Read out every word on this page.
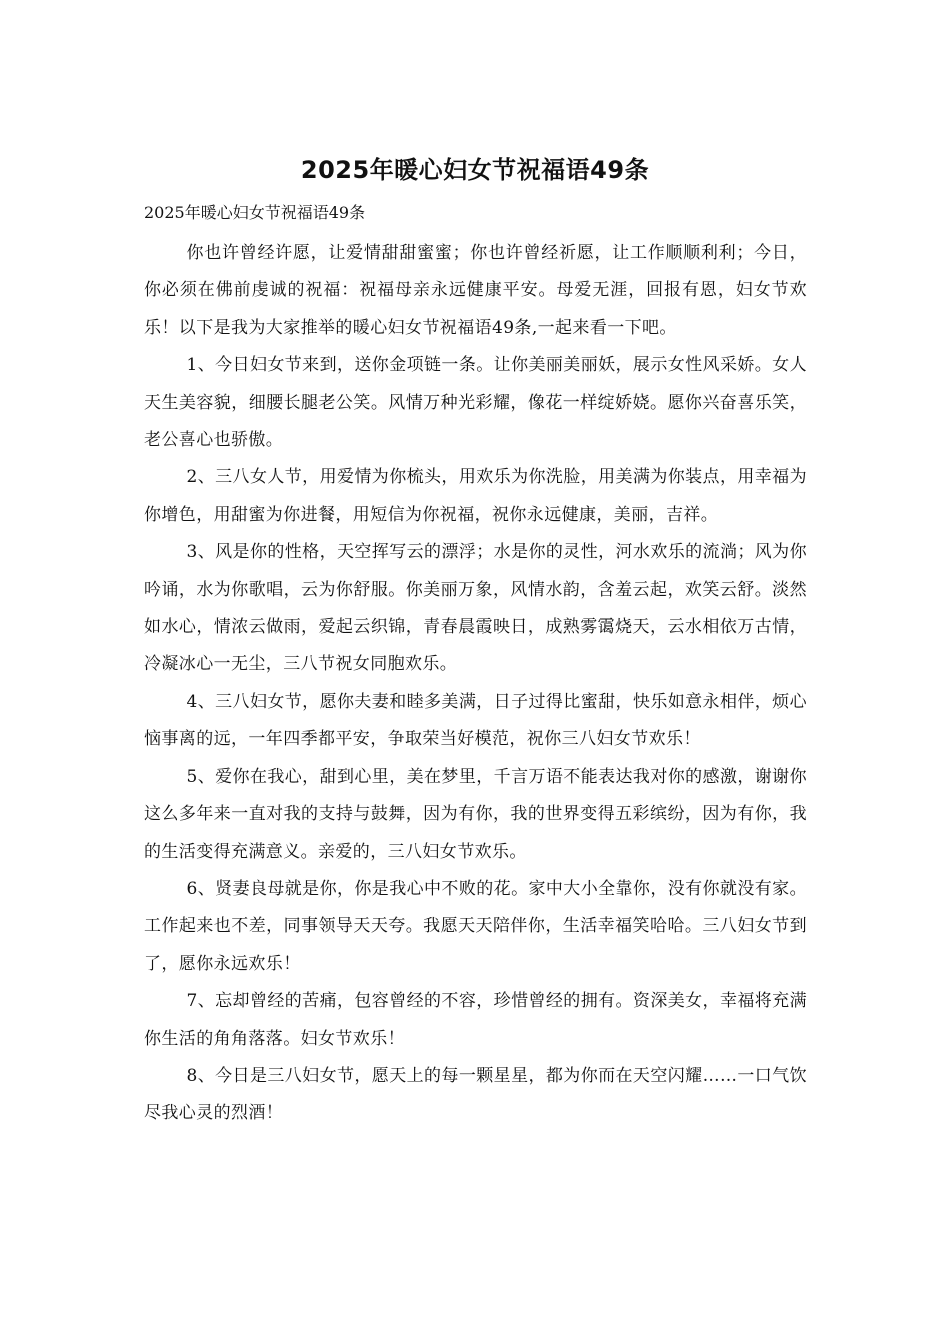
2025年暖心妇女节祝福语49条

2025年暖心妇女节祝福语49条

你也许曾经许愿，让爱情甜甜蜜蜜；你也许曾经祈愿，让工作顺顺利利；今日，你必须在佛前虔诚的祝福：祝福母亲永远健康平安。母爱无涯，回报有恩，妇女节欢乐！以下是我为大家推举的暖心妇女节祝福语49条,一起来看一下吧。

1、今日妇女节来到，送你金项链一条。让你美丽美丽妖，展示女性风采娇。女人天生美容貌，细腰长腿老公笑。风情万种光彩耀，像花一样绽娇娆。愿你兴奋喜乐笑，老公喜心也骄傲。

2、三八女人节，用爱情为你梳头，用欢乐为你洗脸，用美满为你装点，用幸福为你增色，用甜蜜为你进餐，用短信为你祝福，祝你永远健康，美丽，吉祥。

3、风是你的性格，天空挥写云的漂浮；水是你的灵性，河水欢乐的流淌；风为你吟诵，水为你歌唱，云为你舒服。你美丽万象，风情水韵，含羞云起，欢笑云舒。淡然如水心，情浓云做雨，爱起云织锦，青春晨霞映日，成熟雾霭烧天，云水相依万古情，冷凝冰心一无尘，三八节祝女同胞欢乐。

4、三八妇女节，愿你夫妻和睦多美满，日子过得比蜜甜，快乐如意永相伴，烦心恼事离的远，一年四季都平安，争取荣当好模范，祝你三八妇女节欢乐！

5、爱你在我心，甜到心里，美在梦里，千言万语不能表达我对你的感激，谢谢你这么多年来一直对我的支持与鼓舞，因为有你，我的世界变得五彩缤纷，因为有你，我的生活变得充满意义。亲爱的，三八妇女节欢乐。

6、贤妻良母就是你，你是我心中不败的花。家中大小全靠你，没有你就没有家。工作起来也不差，同事领导天天夸。我愿天天陪伴你，生活幸福笑哈哈。三八妇女节到了，愿你永远欢乐！

7、忘却曾经的苦痛，包容曾经的不容，珍惜曾经的拥有。资深美女，幸福将充满你生活的角角落落。妇女节欢乐！

8、今日是三八妇女节，愿天上的每一颗星星，都为你而在天空闪耀……一口气饮尽我心灵的烈酒！
